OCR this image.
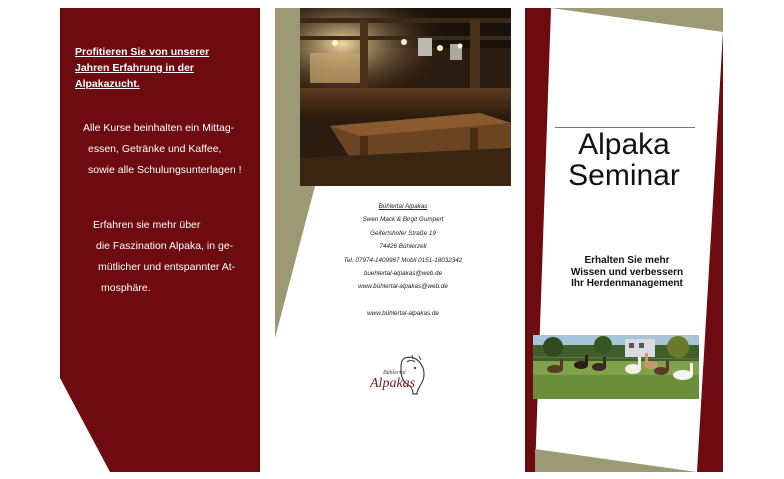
Profitieren Sie von unserer
Jahren Erfahrung in der
Alpakazucht.
Alle Kurse beinhalten ein Mittag-
essen, Getränke und Kaffee,
sowie alle Schulungsunterlagen !
Erfahren sie mehr über
die Faszination Alpaka, in ge-
mütlicher und entspannter At-
mosphäre.
Bühlertal Alpakas
Swen Mack & Birgit Gumpert
Geifertshofer Straße 19
74426 Bühlerzell
Tel. 07974-1409967 Mobil 0151-18032342
buehlertal-alpakas@web.de
www.bühlertal-alpakas@web.de
www.bühlertal-alpakas.de
Bühlertal
Alpakas
Alpaka
Seminar
Erhalten Sie mehr
Wissen und verbessern
Ihr Herdenmanagement
